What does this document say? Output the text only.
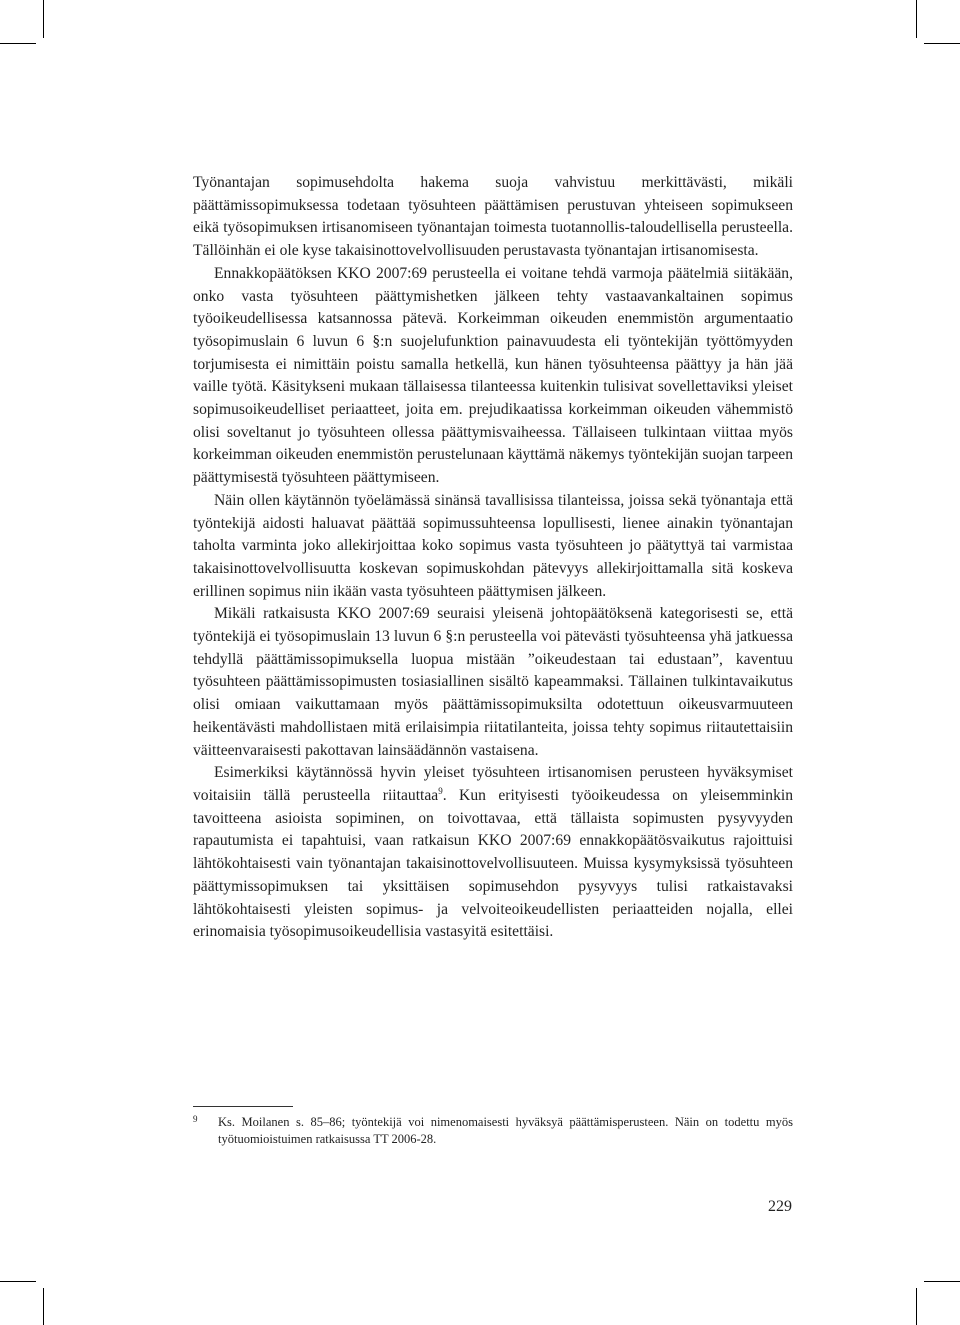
Työnantajan sopimusehdolta hakema suoja vahvistuu merkittävästi, mikäli päättämissopimuksessa todetaan työsuhteen päättämisen perustuvan yhteiseen sopimukseen eikä työsopimuksen irtisanomiseen työnantajan toimesta tuotannollis-taloudellisella perusteella. Tällöinhän ei ole kyse takaisinottovelvollisuuden perustavasta työnantajan irtisanomisesta.

Ennakkopäätöksen KKO 2007:69 perusteella ei voitane tehdä varmoja päätelmiä siitäkään, onko vasta työsuhteen päättymishetken jälkeen tehty vastaavankaltainen sopimus työoikeudellisessa katsannossa pätevä. Korkeimman oikeuden enemmistön argumentaatio työsopimuslain 6 luvun 6 §:n suojelufunktion painavuudesta eli työntekijän työttömyyden torjumisesta ei nimittäin poistu samalla hetkellä, kun hänen työsuhteensa päättyy ja hän jää vaille työtä. Käsitykseni mukaan tällaisessa tilanteessa kuitenkin tulisivat sovellettaviksi yleiset sopimusoikeudelliset periaatteet, joita em. prejudikaatissa korkeimman oikeuden vähemmistö olisi soveltanut jo työsuhteen ollessa päättymisvaiheessa. Tällaiseen tulkintaan viittaa myös korkeimman oikeuden enemmistön perustelunaan käyttämä näkemys työntekijän suojan tarpeen päättymisestä työsuhteen päättymiseen.

Näin ollen käytännön työelämässä sinänsä tavallisissa tilanteissa, joissa sekä työnantaja että työntekijä aidosti haluavat päättää sopimussuhteensa lopullisesti, lienee ainakin työnantajan taholta varminta joko allekirjoittaa koko sopimus vasta työsuhteen jo päätyttyä tai varmistaa takaisinottovelvollisuutta koskevan sopimuskohdan pätevyys allekirjoittamalla sitä koskeva erillinen sopimus niin ikään vasta työsuhteen päättymisen jälkeen.

Mikäli ratkaisusta KKO 2007:69 seuraisi yleisenä johtopäätöksenä kategorisesti se, että työntekijä ei työsopimuslain 13 luvun 6 §:n perusteella voi pätevästi työsuhteensa yhä jatkuessa tehdyllä päättämissopimuksella luopua mistään ”oikeudestaan tai edustaan”, kaventuu työsuhteen päättämissopimusten tosiasiallinen sisältö kapeammaksi. Tällainen tulkintavaikutus olisi omiaan vaikuttamaan myös päättämissopimuksilta odotettuun oikeusvarmuuteen heikentävästi mahdollistaen mitä erilaisimpia riitatilanteita, joissa tehty sopimus riitautettaisiin väitteenvaraisesti pakottavan lainsäädännön vastaisena.

Esimerkiksi käytännössä hyvin yleiset työsuhteen irtisanomisen perusteen hyväksymiset voitaisiin tällä perusteella riitauttaa$^9$. Kun erityisesti työoikeudessa on yleisemminkin tavoitteena asioista sopiminen, on toivottavaa, että tällaista sopimusten pysyvyyden rapautumista ei tapahtuisi, vaan ratkaisun KKO 2007:69 ennakkopäätösvaikutus rajoittuisi lähtökohtaisesti vain työnantajan takaisinottovelvollisuuteen. Muissa kysymyksissä työsuhteen päättymissopimuksen tai yksittäisen sopimusehdon pysyvyys tulisi ratkaistavaksi lähtökohtaisesti yleisten sopimus- ja velvoiteoikeudellisten periaatteiden nojalla, ellei erinomaisia työsopimusoikeudellisia vastasyitä esitettäisi.

9 Ks. Moilanen s. 85–86; työntekijä voi nimenomaisesti hyväksyä päättämisperusteen. Näin on todettu myös työtuomioistuimen ratkaisussa TT 2006-28.
229
